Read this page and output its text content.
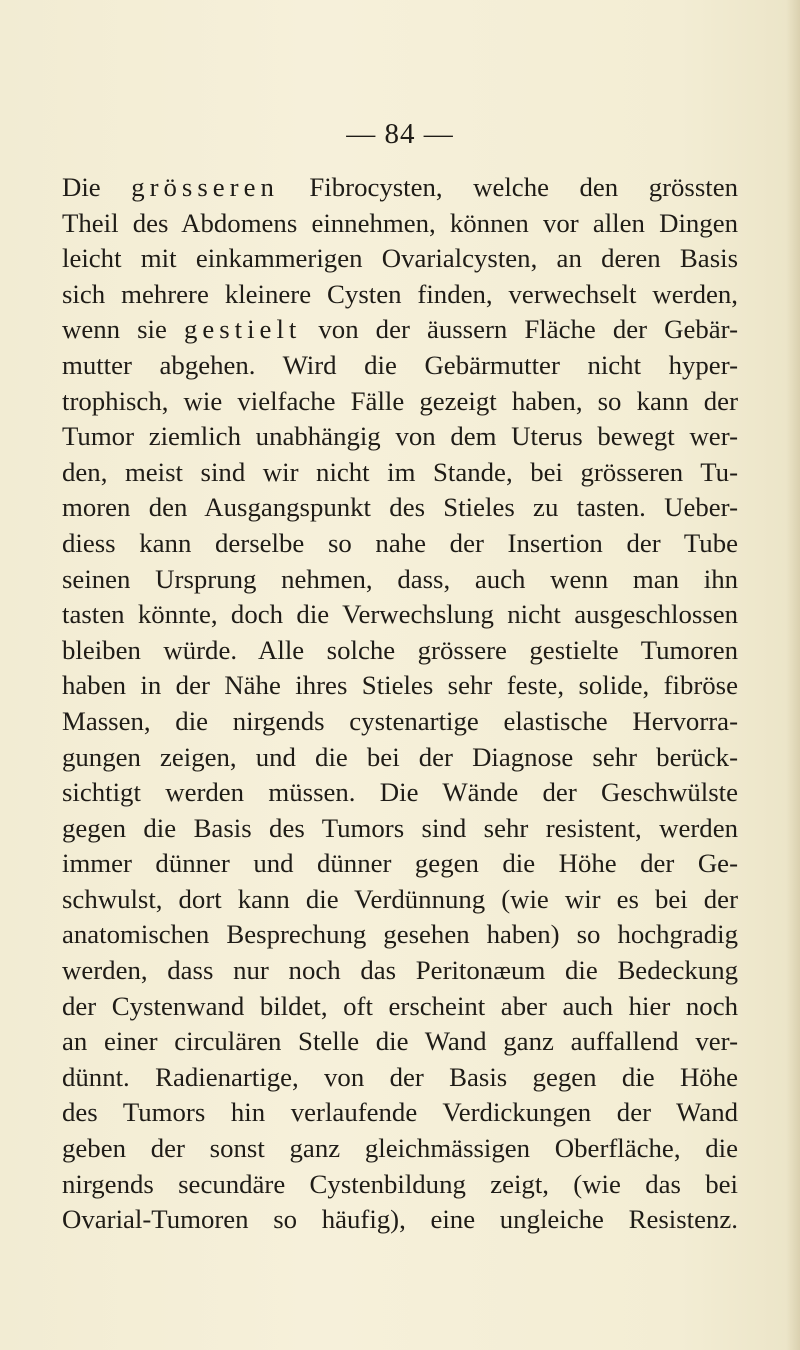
— 84 —
Die grösseren Fibrocysten, welche den grössten
Theil des Abdomens einnehmen, können vor allen Dingen
leicht mit einkammerigen Ovarialcysten, an deren Basis
sich mehrere kleinere Cysten finden, verwechselt werden,
wenn sie gestielt von der äussern Fläche der Gebär-
mutter abgehen. Wird die Gebärmutter nicht hyper-
trophisch, wie vielfache Fälle gezeigt haben, so kann der
Tumor ziemlich unabhängig von dem Uterus bewegt wer-
den, meist sind wir nicht im Stande, bei grösseren Tu-
moren den Ausgangspunkt des Stieles zu tasten. Ueber-
diess kann derselbe so nahe der Insertion der Tube
seinen Ursprung nehmen, dass, auch wenn man ihn
tasten könnte, doch die Verwechslung nicht ausgeschlossen
bleiben würde. Alle solche grössere gestielte Tumoren
haben in der Nähe ihres Stieles sehr feste, solide, fibröse
Massen, die nirgends cystenartige elastische Hervorra-
gungen zeigen, und die bei der Diagnose sehr berück-
sichtigt werden müssen. Die Wände der Geschwülste
gegen die Basis des Tumors sind sehr resistent, werden
immer dünner und dünner gegen die Höhe der Ge-
schwulst, dort kann die Verdünnung (wie wir es bei der
anatomischen Besprechung gesehen haben) so hochgradig
werden, dass nur noch das Peritonæum die Bedeckung
der Cystenwand bildet, oft erscheint aber auch hier noch
an einer circulären Stelle die Wand ganz auffallend ver-
dünnt. Radienartige, von der Basis gegen die Höhe
des Tumors hin verlaufende Verdickungen der Wand
geben der sonst ganz gleichmässigen Oberfläche, die
nirgends secundäre Cystenbildung zeigt, (wie das bei
Ovarial-Tumoren so häufig), eine ungleiche Resistenz.
